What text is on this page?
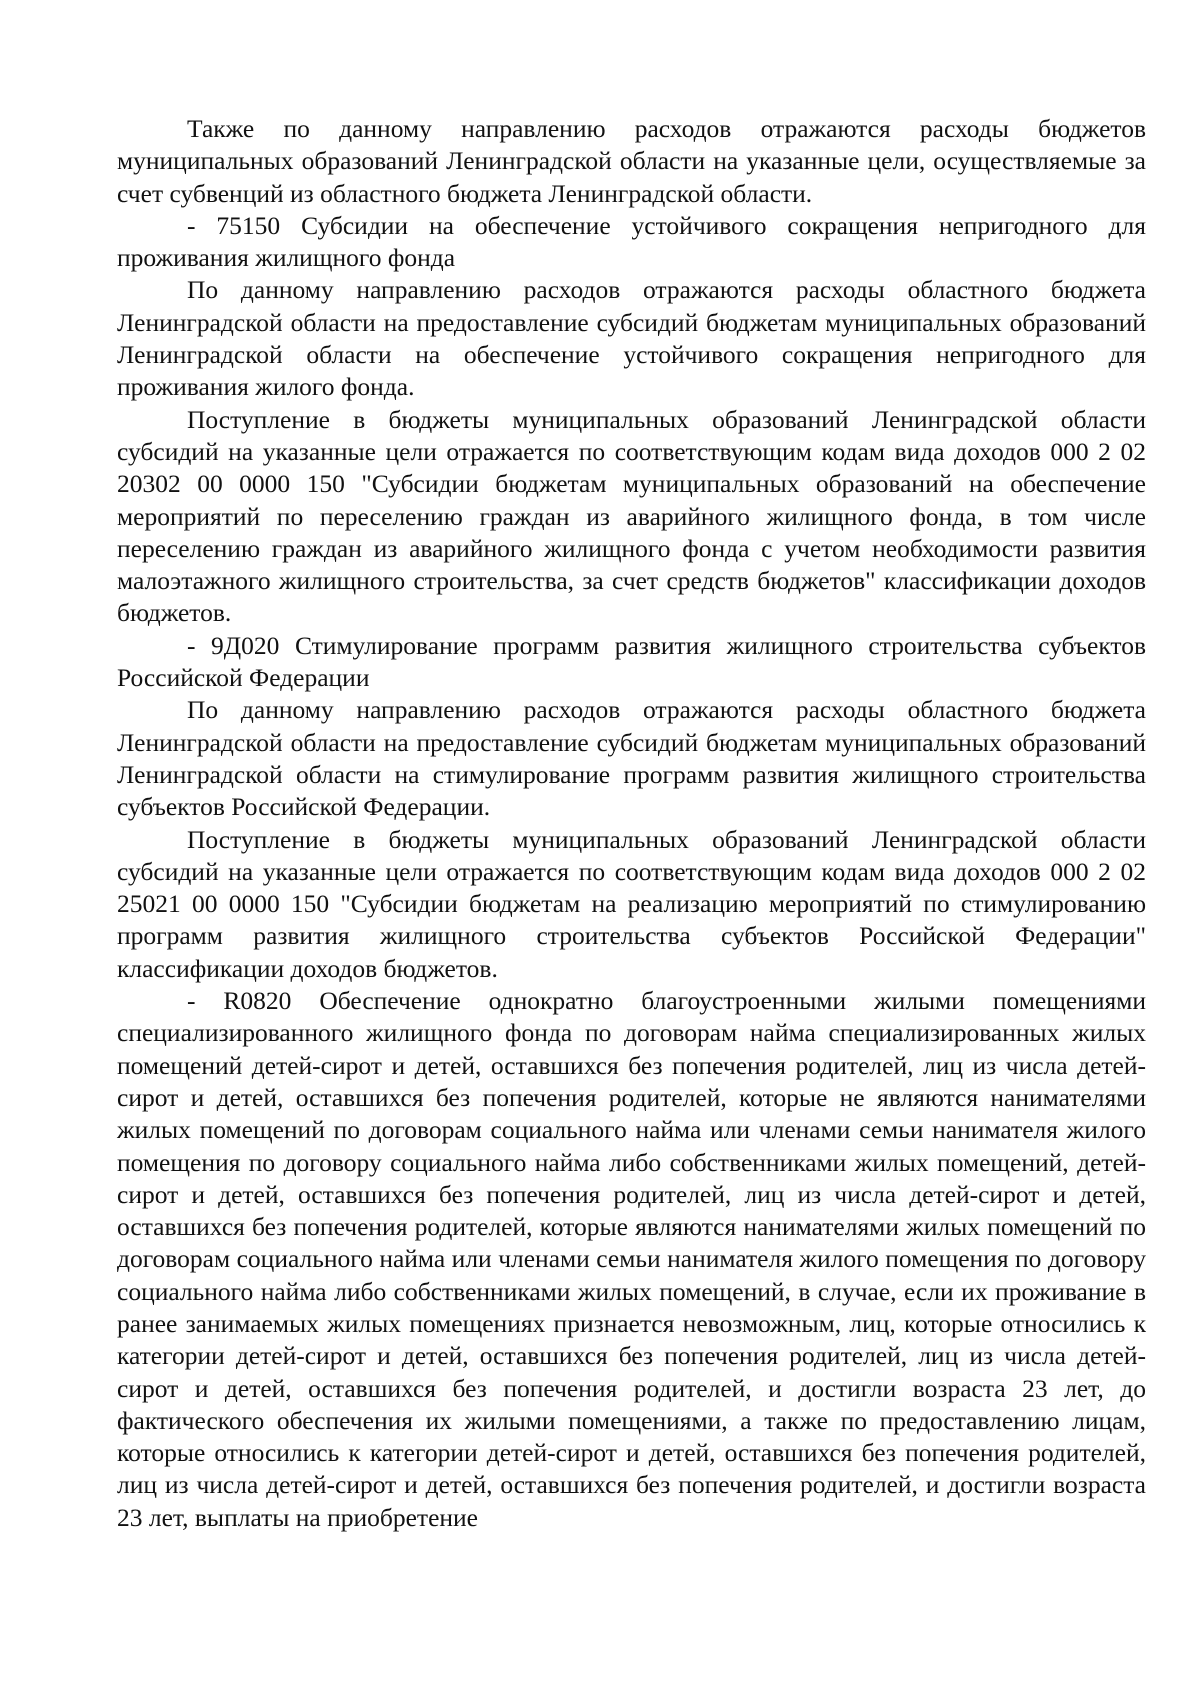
Также по данному направлению расходов отражаются расходы бюджетов муниципальных образований Ленинградской области на указанные цели, осуществляемые за счет субвенций из областного бюджета Ленинградской области.

- 75150 Субсидии на обеспечение устойчивого сокращения непригодного для проживания жилищного фонда

По данному направлению расходов отражаются расходы областного бюджета Ленинградской области на предоставление субсидий бюджетам муниципальных образований Ленинградской области на обеспечение устойчивого сокращения непригодного для проживания жилого фонда.

Поступление в бюджеты муниципальных образований Ленинградской области субсидий на указанные цели отражается по соответствующим кодам вида доходов 000 2 02 20302 00 0000 150 "Субсидии бюджетам муниципальных образований на обеспечение мероприятий по переселению граждан из аварийного жилищного фонда, в том числе переселению граждан из аварийного жилищного фонда с учетом необходимости развития малоэтажного жилищного строительства, за счет средств бюджетов" классификации доходов бюджетов.

- 9Д020 Стимулирование программ развития жилищного строительства субъектов Российской Федерации

По данному направлению расходов отражаются расходы областного бюджета Ленинградской области на предоставление субсидий бюджетам муниципальных образований Ленинградской области на стимулирование программ развития жилищного строительства субъектов Российской Федерации.

Поступление в бюджеты муниципальных образований Ленинградской области субсидий на указанные цели отражается по соответствующим кодам вида доходов 000 2 02 25021 00 0000 150 "Субсидии бюджетам на реализацию мероприятий по стимулированию программ развития жилищного строительства субъектов Российской Федерации" классификации доходов бюджетов.

- R0820 Обеспечение однократно благоустроенными жилыми помещениями специализированного жилищного фонда по договорам найма специализированных жилых помещений детей-сирот и детей, оставшихся без попечения родителей, лиц из числа детей-сирот и детей, оставшихся без попечения родителей, которые не являются нанимателями жилых помещений по договорам социального найма или членами семьи нанимателя жилого помещения по договору социального найма либо собственниками жилых помещений, детей-сирот и детей, оставшихся без попечения родителей, лиц из числа детей-сирот и детей, оставшихся без попечения родителей, которые являются нанимателями жилых помещений по договорам социального найма или членами семьи нанимателя жилого помещения по договору социального найма либо собственниками жилых помещений, в случае, если их проживание в ранее занимаемых жилых помещениях признается невозможным, лиц, которые относились к категории детей-сирот и детей, оставшихся без попечения родителей, лиц из числа детей-сирот и детей, оставшихся без попечения родителей, и достигли возраста 23 лет, до фактического обеспечения их жилыми помещениями, а также по предоставлению лицам, которые относились к категории детей-сирот и детей, оставшихся без попечения родителей, лиц из числа детей-сирот и детей, оставшихся без попечения родителей, и достигли возраста 23 лет, выплаты на приобретение
